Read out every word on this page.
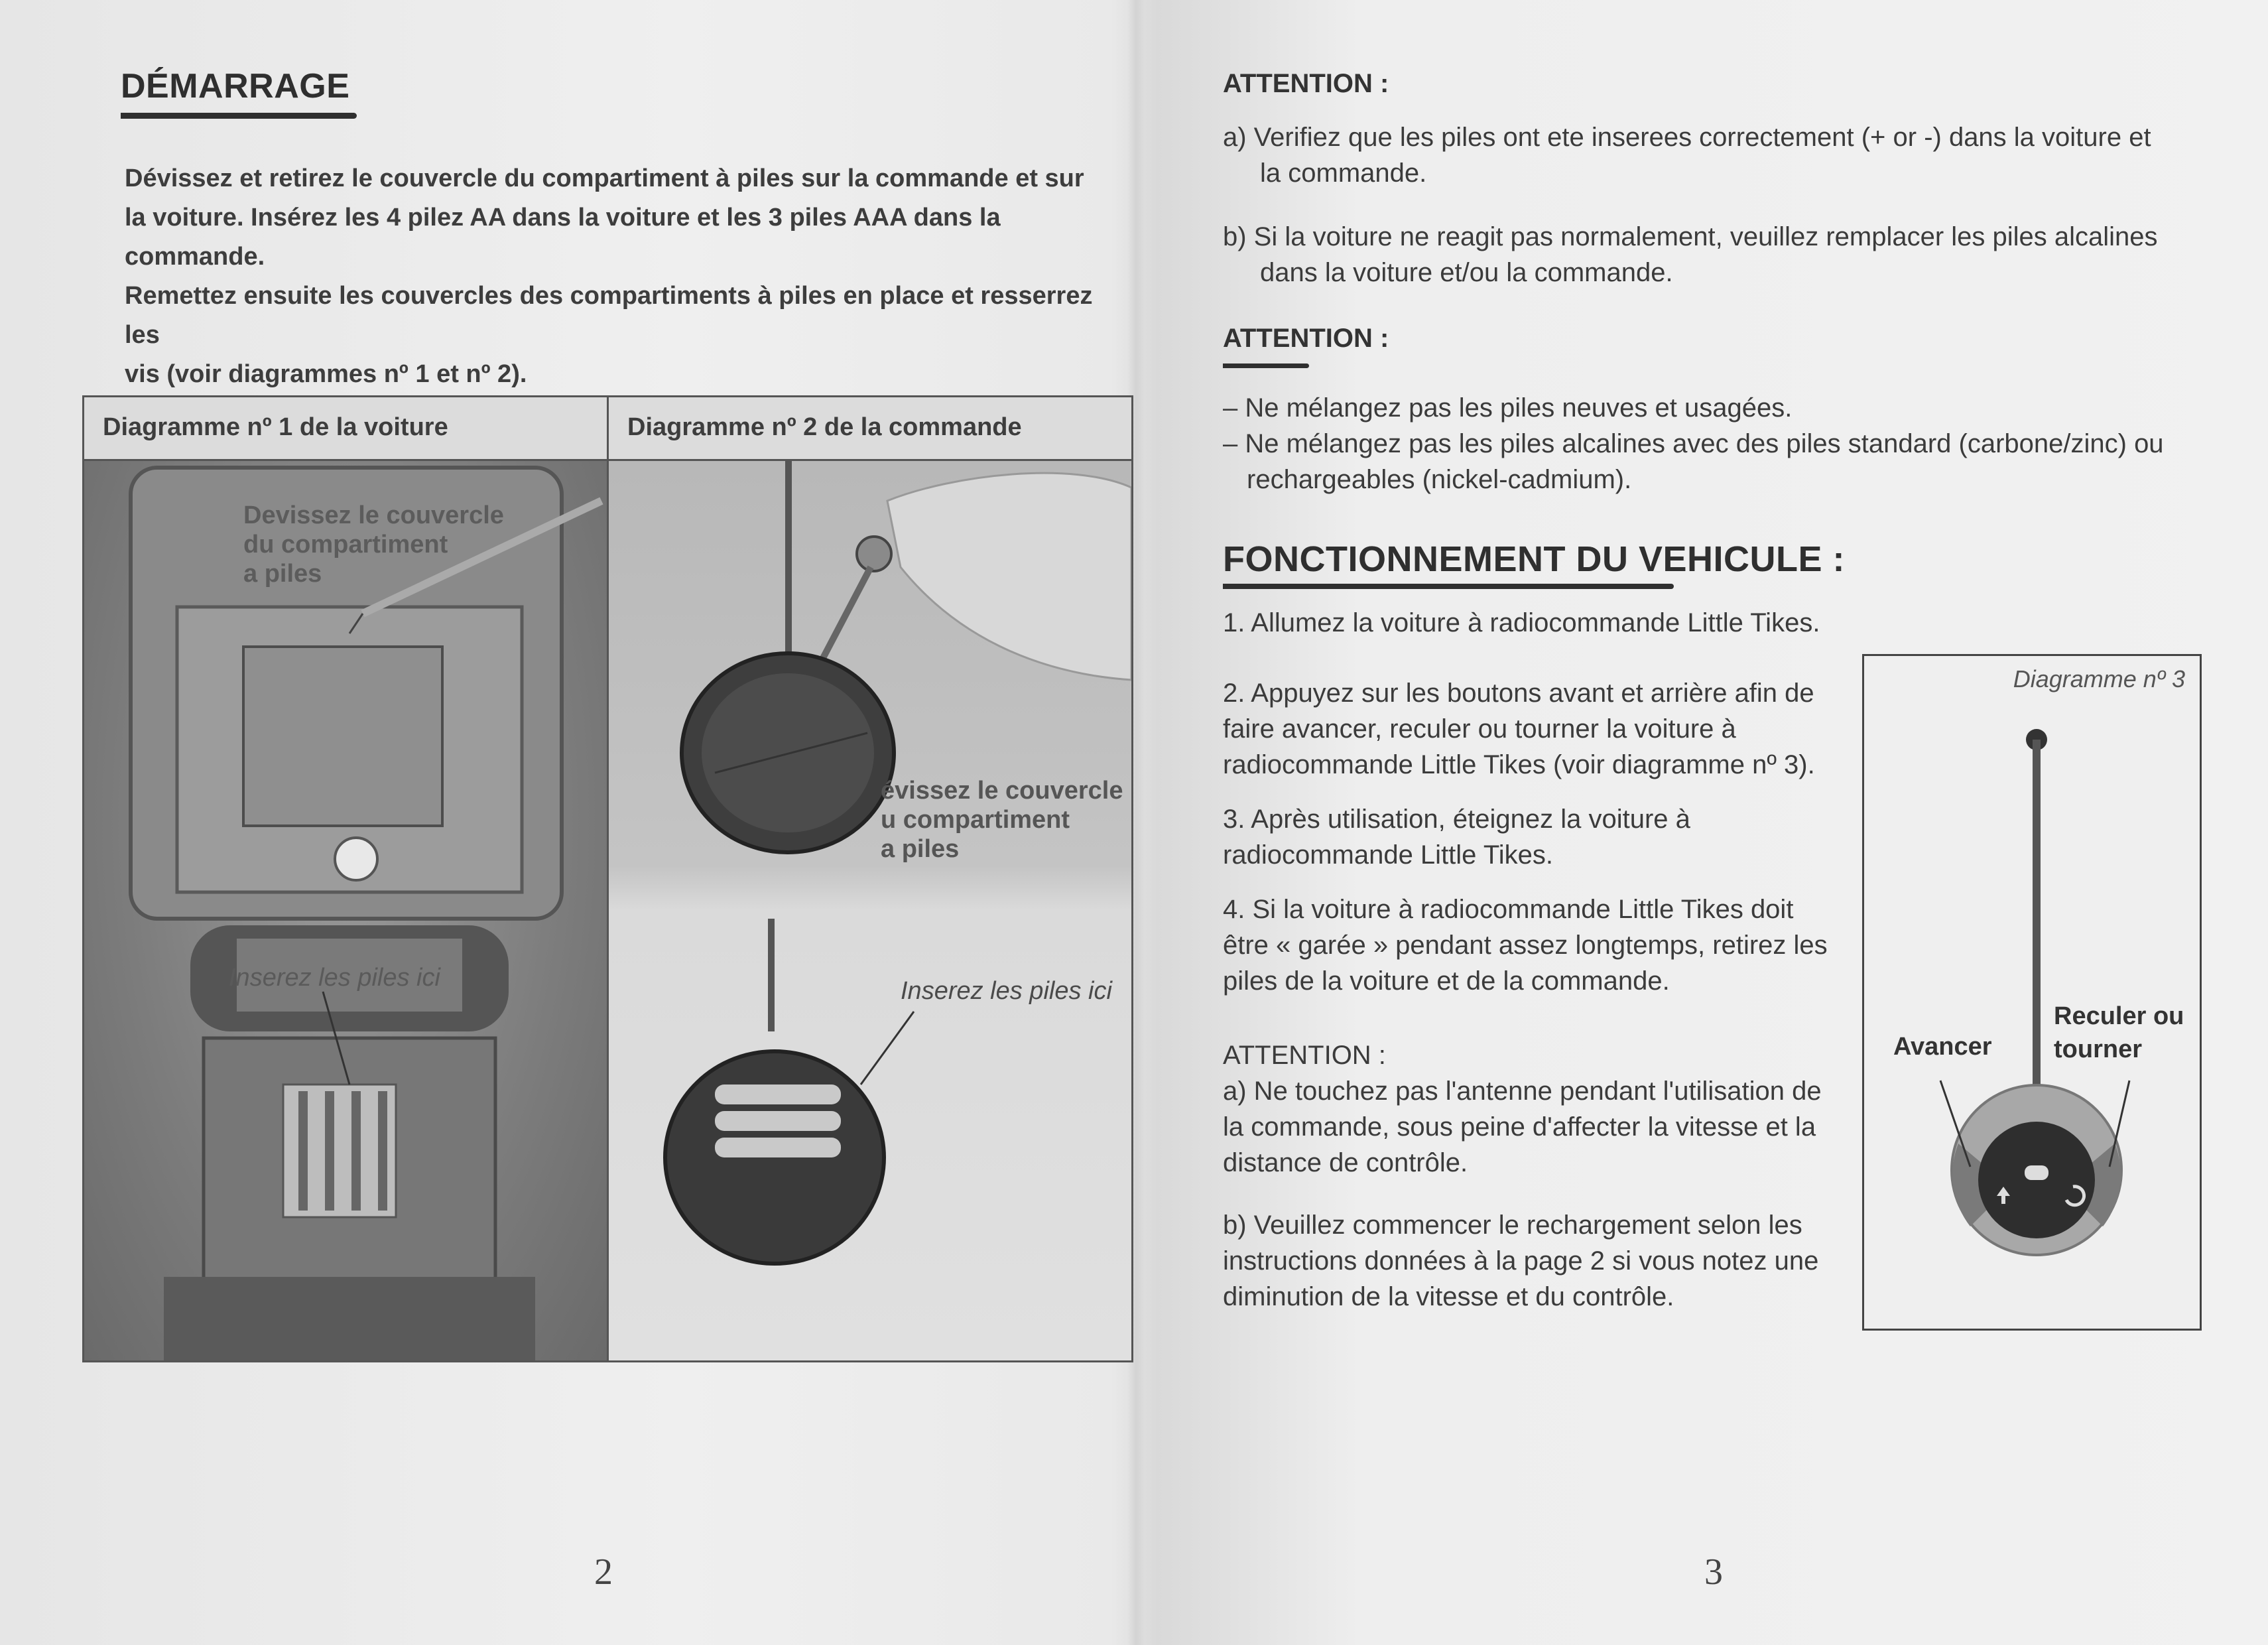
DÉMARRAGE
Dévissez et retirez le couvercle du compartiment à piles sur la commande et sur
la voiture. Insérez les 4 pilez AA dans la voiture et les 3 piles AAA dans la commande.
Remettez ensuite les couvercles des compartiments à piles en place et resserrez les
vis (voir diagrammes nº 1 et nº 2).
Diagramme nº 1 de la voiture	Diagramme nº 2 de la commande
Devissez le couvercle
du compartiment
a piles
Inserez les piles ici
évissez le couvercle
u compartiment
a piles
Inserez les piles ici
2
ATTENTION :
a) Verifiez que les piles ont ete inserees correctement (+ or -) dans la voiture et la commande.
b) Si la voiture ne reagit pas normalement, veuillez remplacer les piles alcalines dans la voiture et/ou la commande.
ATTENTION :
– Ne mélangez pas les piles neuves et usagées.
– Ne mélangez pas les piles alcalines avec des piles standard (carbone/zinc) ou rechargeables (nickel-cadmium).
FONCTIONNEMENT DU VEHICULE :
1. Allumez la voiture à radiocommande Little Tikes.
2. Appuyez sur les boutons avant et arrière afin de faire avancer, reculer ou tourner la voiture à radiocommande Little Tikes (voir diagramme nº 3).
3. Après utilisation, éteignez la voiture à radiocommande Little Tikes.
4. Si la voiture à radiocommande Little Tikes doit être « garée » pendant assez longtemps, retirez les piles de la voiture et de la commande.
ATTENTION :
a) Ne touchez pas l'antenne pendant l'utilisation de la commande, sous peine d'affecter la vitesse et la distance de contrôle.
b) Veuillez commencer le rechargement selon les instructions données à la page 2 si vous notez une diminution de la vitesse et du contrôle.
Diagramme nº 3
Avancer
Reculer ou
tourner
3
